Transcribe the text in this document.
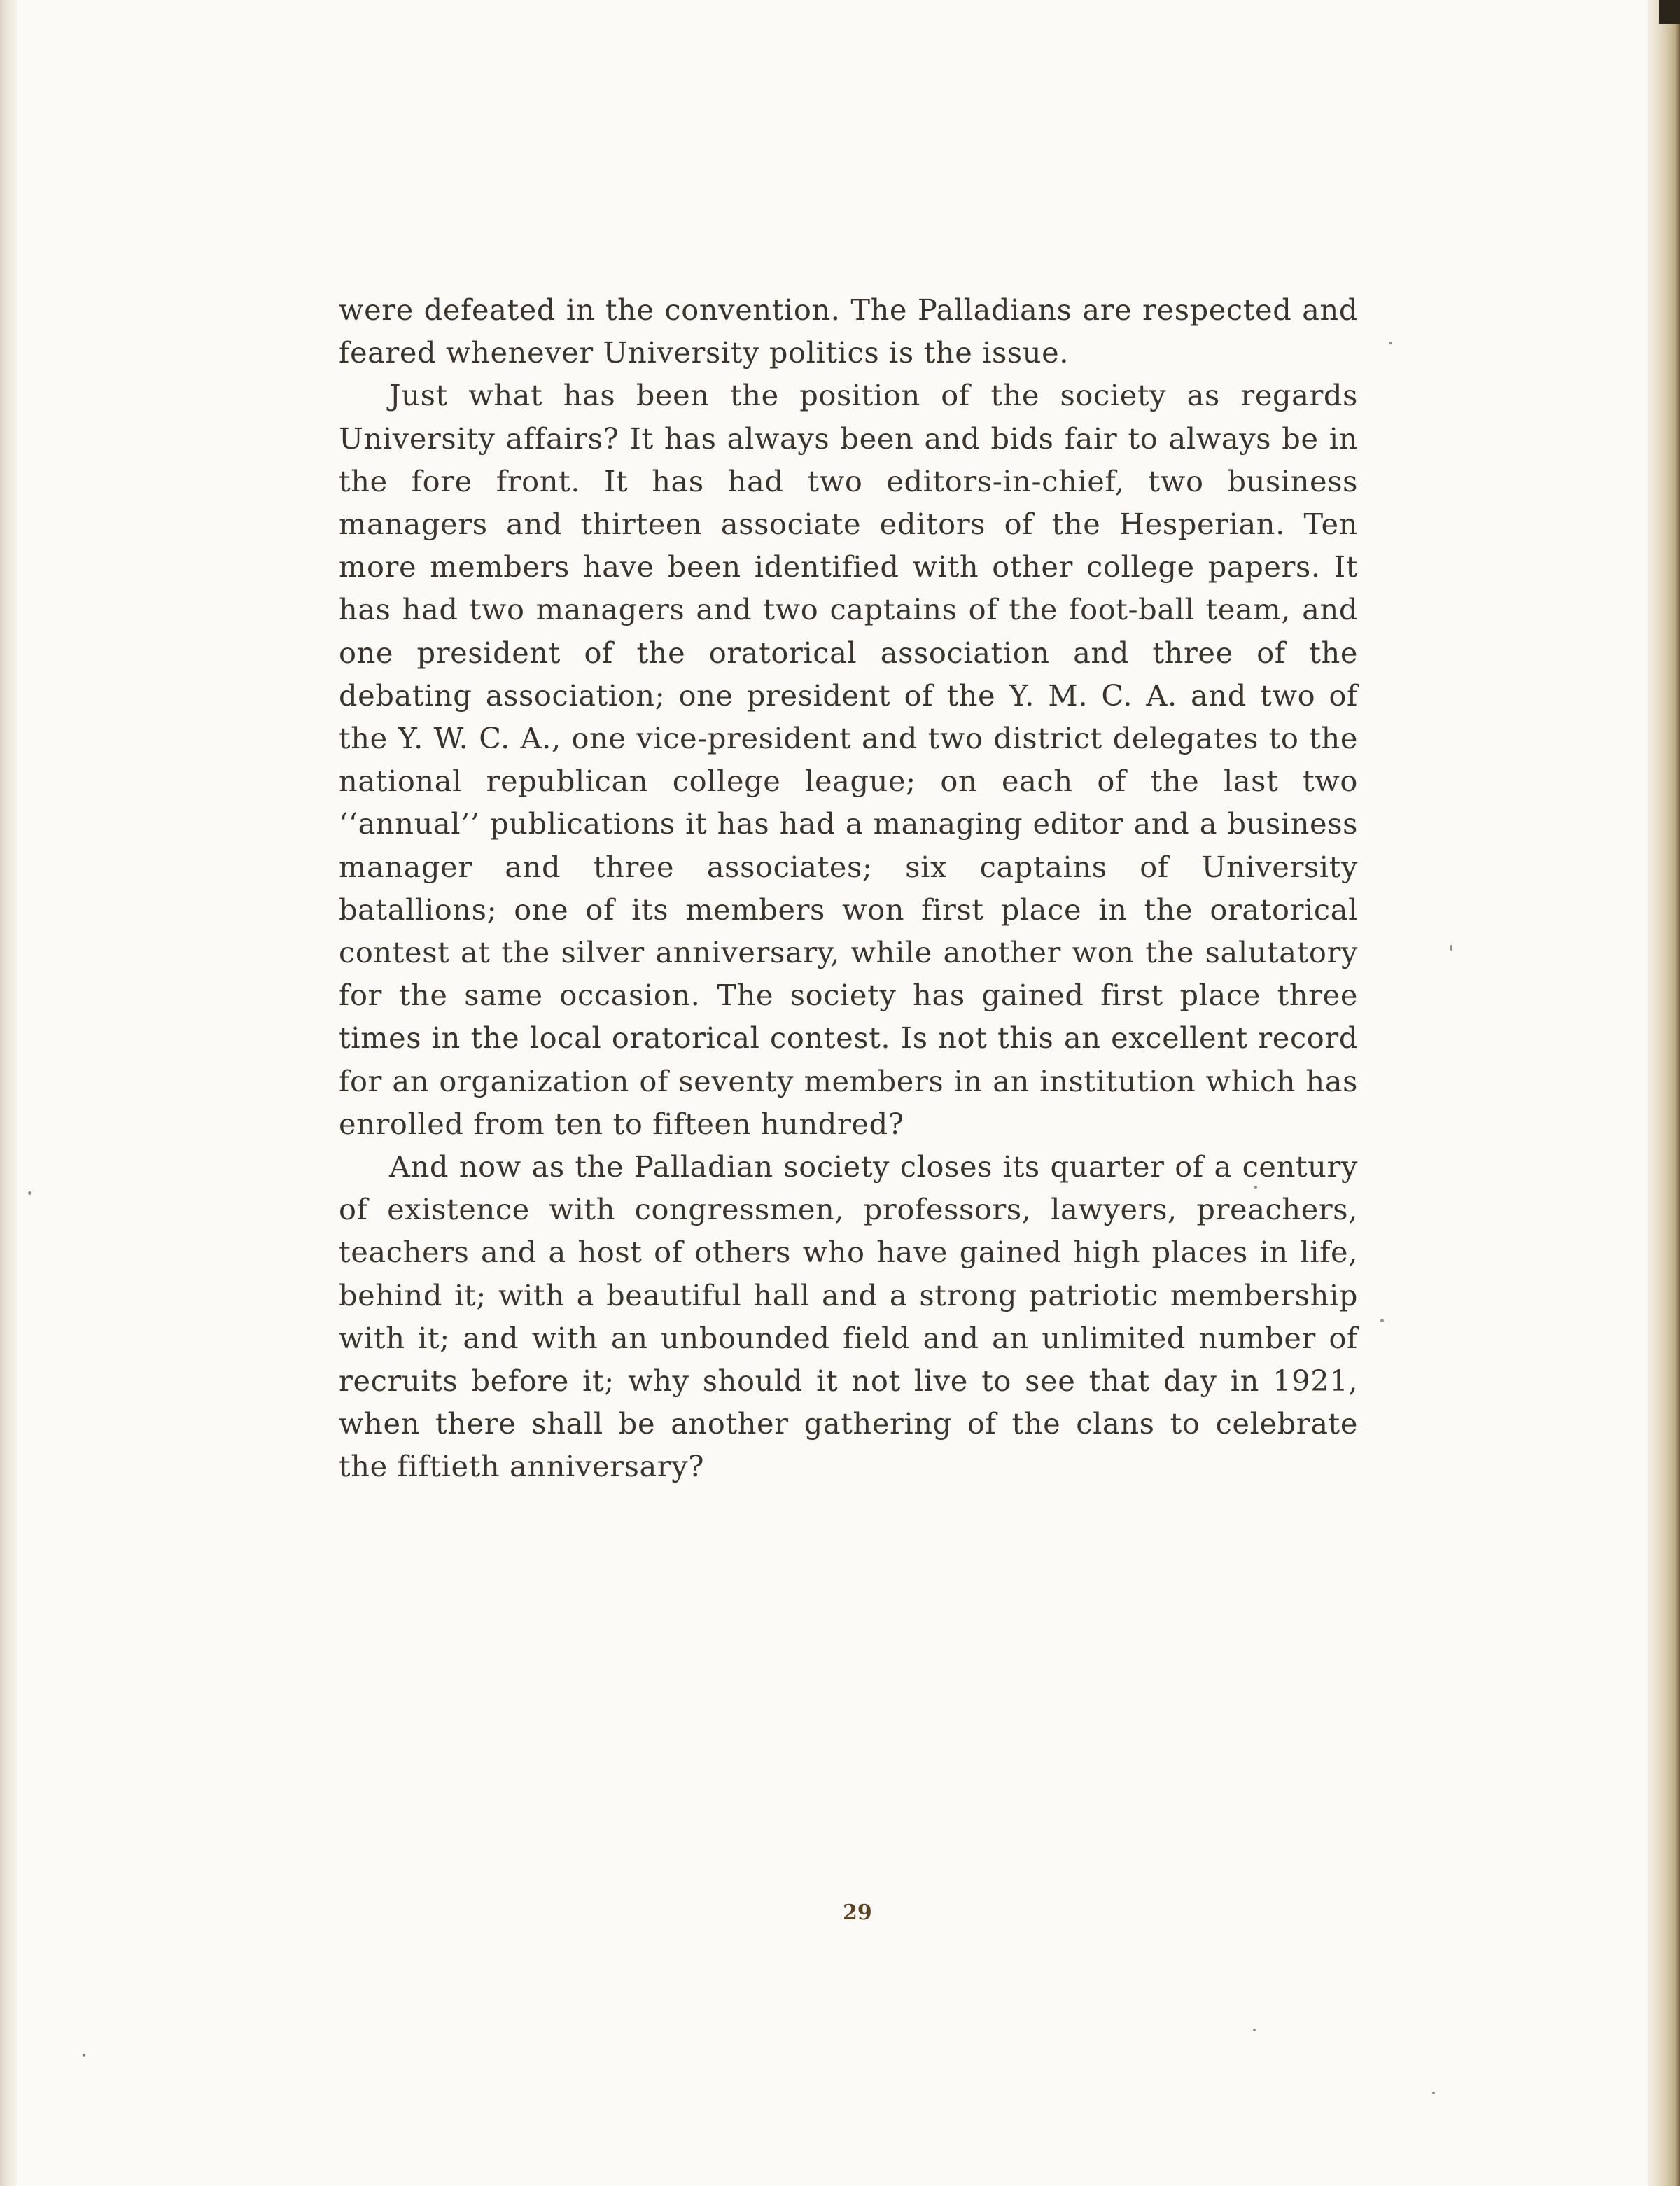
were defeated in the convention. The Palladians are respected and feared whenever University politics is the issue.

Just what has been the position of the society as regards University affairs? It has always been and bids fair to always be in the fore front. It has had two editors-in-chief, two business managers and thirteen associate editors of the Hesperian. Ten more members have been identified with other college papers. It has had two managers and two captains of the foot-ball team, and one president of the oratorical association and three of the debating association; one president of the Y. M. C. A. and two of the Y. W. C. A., one vice-president and two district delegates to the national republican college league; on each of the last two ‘‘annual’’ publications it has had a managing editor and a business manager and three associates; six captains of University batallions; one of its members won first place in the oratorical contest at the silver anniversary, while another won the salutatory for the same occasion. The society has gained first place three times in the local oratorical contest. Is not this an excellent record for an organization of seventy members in an institution which has enrolled from ten to fifteen hundred?

And now as the Palladian society closes its quarter of a century of existence with congressmen, professors, lawyers, preachers, teachers and a host of others who have gained high places in life, behind it; with a beautiful hall and a strong patriotic membership with it; and with an unbounded field and an unlimited number of recruits before it; why should it not live to see that day in 1921, when there shall be another gathering of the clans to celebrate the fiftieth anniversary?

29
